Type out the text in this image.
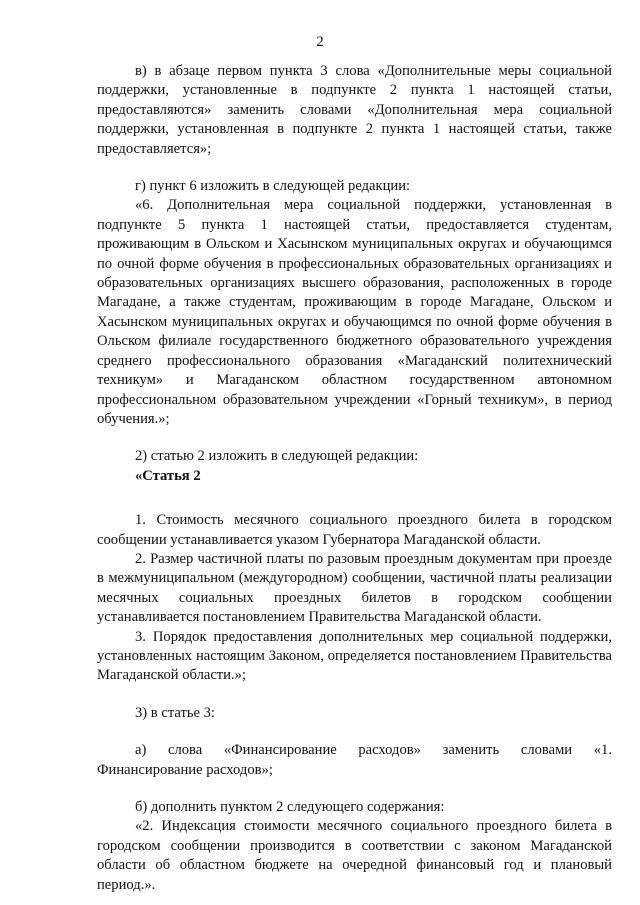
2

в) в абзаце первом пункта 3 слова «Дополнительные меры социальной поддержки, установленные в подпункте 2 пункта 1 настоящей статьи, предоставляются» заменить словами «Дополнительная мера социальной поддержки, установленная в подпункте 2 пункта 1 настоящей статьи, также предоставляется»;

г) пункт 6 изложить в следующей редакции:

«6. Дополнительная мера социальной поддержки, установленная в подпункте 5 пункта 1 настоящей статьи, предоставляется студентам, проживающим в Ольском и Хасынском муниципальных округах и обучающимся по очной форме обучения в профессиональных образовательных организациях и образовательных организациях высшего образования, расположенных в городе Магадане, а также студентам, проживающим в городе Магадане, Ольском и Хасынском муниципальных округах и обучающимся по очной форме обучения в Ольском филиале государственного бюджетного образовательного учреждения среднего профессионального образования «Магаданский политехнический техникум» и Магаданском областном государственном автономном профессиональном образовательном учреждении «Горный техникум», в период обучения.»;

2) статью 2 изложить в следующей редакции:

«Статья 2

1. Стоимость месячного социального проездного билета в городском сообщении устанавливается указом Губернатора Магаданской области.

2. Размер частичной платы по разовым проездным документам при проезде в межмуниципальном (междугородном) сообщении, частичной платы реализации месячных социальных проездных билетов в городском сообщении устанавливается постановлением Правительства Магаданской области.

3. Порядок предоставления дополнительных мер социальной поддержки, установленных настоящим Законом, определяется постановлением Правительства Магаданской области.»;

3) в статье 3:

а) слова «Финансирование расходов» заменить словами «1. Финансирование расходов»;

б) дополнить пунктом 2 следующего содержания:

«2. Индексация стоимости месячного социального проездного билета в городском сообщении производится в соответствии с законом Магаданской области об областном бюджете на очередной финансовый год и плановый период.».
